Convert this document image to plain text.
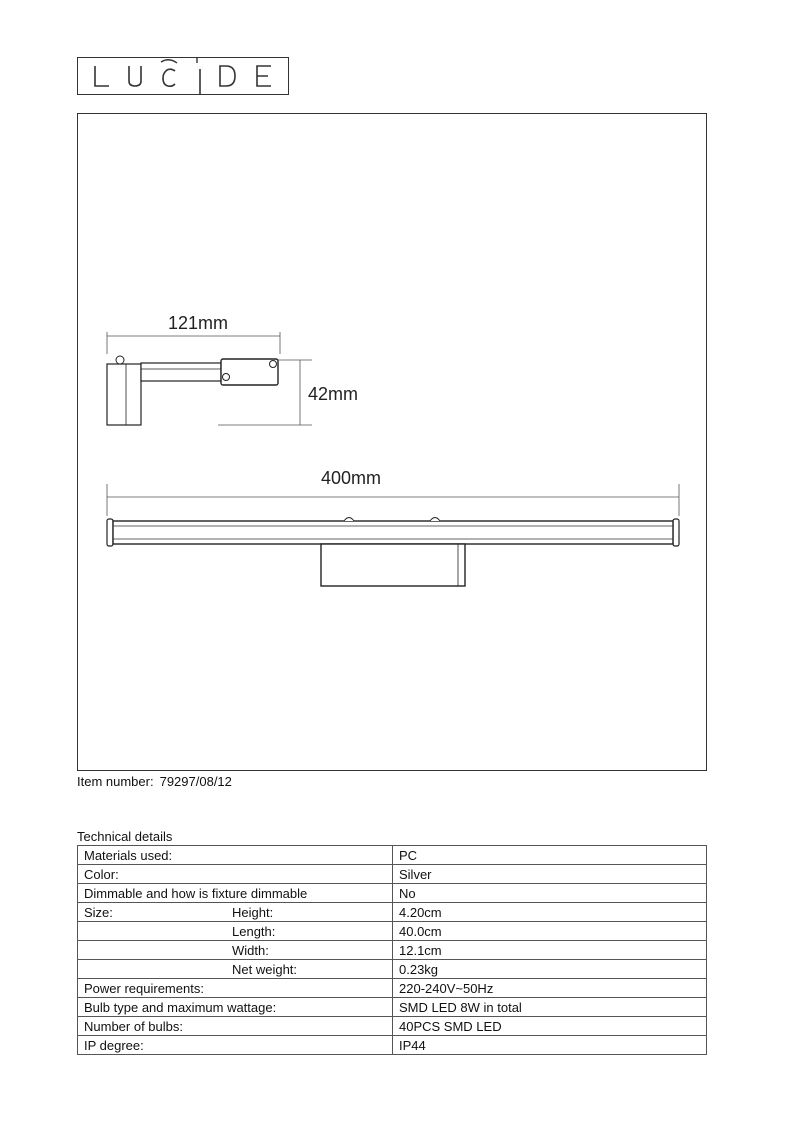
121mm
42mm
400mm
Item number: 79297/08/12
Technical details
Materials used:	PC
Color:	Silver
Dimmable and how is fixture dimmable	No
Size: Height:	4.20cm
Length:	40.0cm
Width:	12.1cm
Net weight:	0.23kg
Power requirements:	220-240V~50Hz
Bulb type and maximum wattage:	SMD LED 8W in total
Number of bulbs:	40PCS SMD LED
IP degree:	IP44
